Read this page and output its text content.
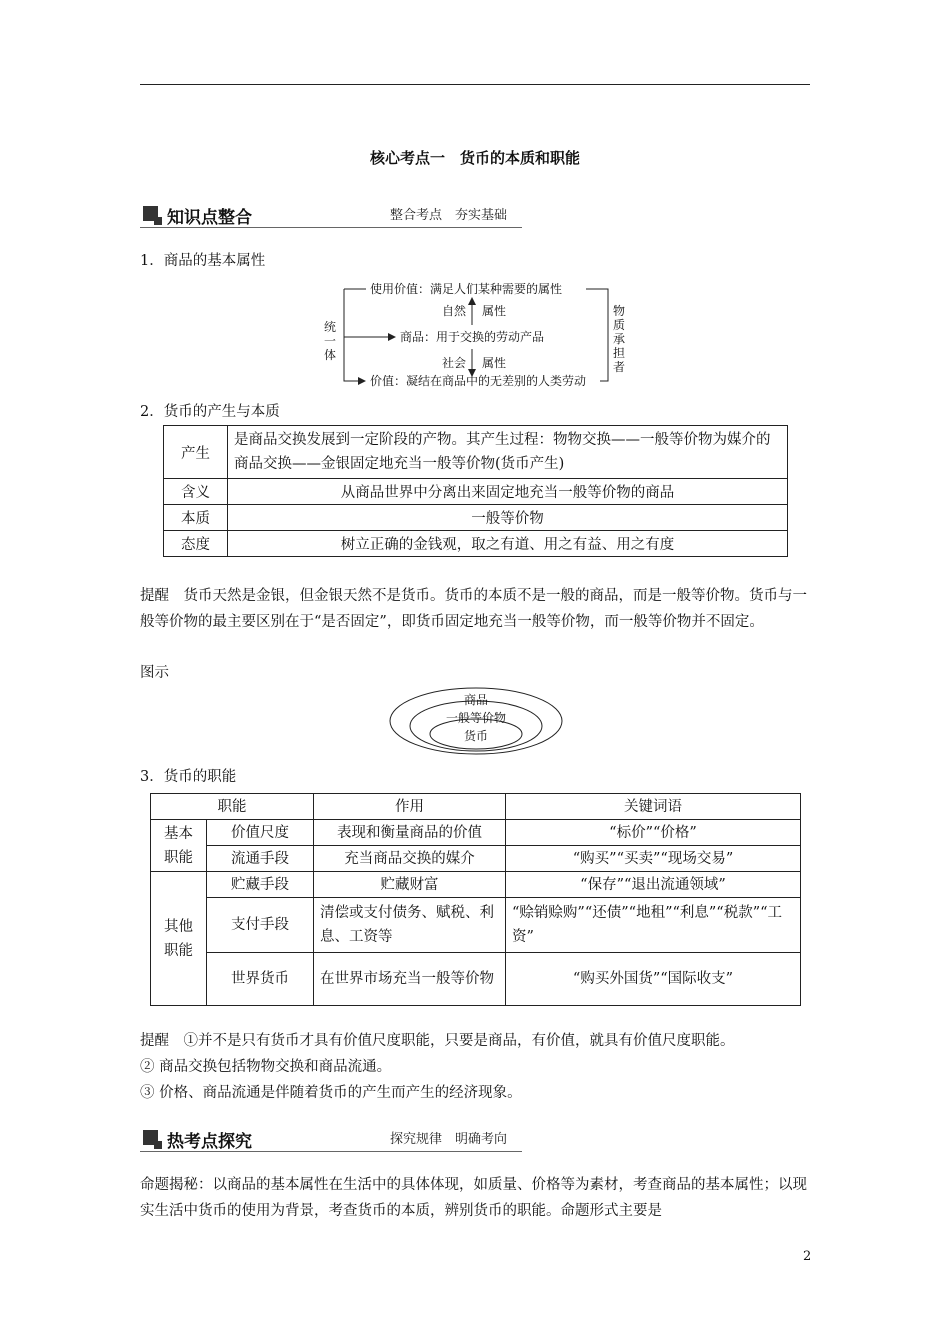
核心考点一　货币的本质和职能
知识点整合	整合考点　夯实基础
1．商品的基本属性
使用价值：满足人们某种需要的属性
自然 属性
商品：用于交换的劳动产品
社会 属性
价值：凝结在商品中的无差别的人类劳动
统
一
体
物
质
承
担
者
2．货币的产生与本质
产生	是商品交换发展到一定阶段的产物。其产生过程：物物交换——一般等价物为媒介的商品交换——金银固定地充当一般等价物(货币产生)
含义	从商品世界中分离出来固定地充当一般等价物的商品
本质	一般等价物
态度	树立正确的金钱观，取之有道、用之有益、用之有度
提醒　货币天然是金银，但金银天然不是货币。货币的本质不是一般的商品，而是一般等价物。货币与一般等价物的最主要区别在于“是否固定”，即货币固定地充当一般等价物，而一般等价物并不固定。
图示
商品
一般等价物
货币
3．货币的职能
职能		作用	关键词语
基本职能	价值尺度	表现和衡量商品的价值	“标价”“价格”
	流通手段	充当商品交换的媒介	“购买”“买卖”“现场交易”
其他职能	贮藏手段	贮藏财富	“保存”“退出流通领域”
	支付手段	清偿或支付债务、赋税、利息、工资等	“赊销赊购”“还债”“地租”“利息”“税款”“工资”
	世界货币	在世界市场充当一般等价物	“购买外国货”“国际收支”
提醒　①并不是只有货币才具有价值尺度职能，只要是商品，有价值，就具有价值尺度职能。
② 商品交换包括物物交换和商品流通。
③ 价格、商品流通是伴随着货币的产生而产生的经济现象。
热考点探究	探究规律　明确考向
命题揭秘：以商品的基本属性在生活中的具体体现，如质量、价格等为素材，考查商品的基本属性；以现实生活中货币的使用为背景，考查货币的本质，辨别货币的职能。命题形式主要是
2
